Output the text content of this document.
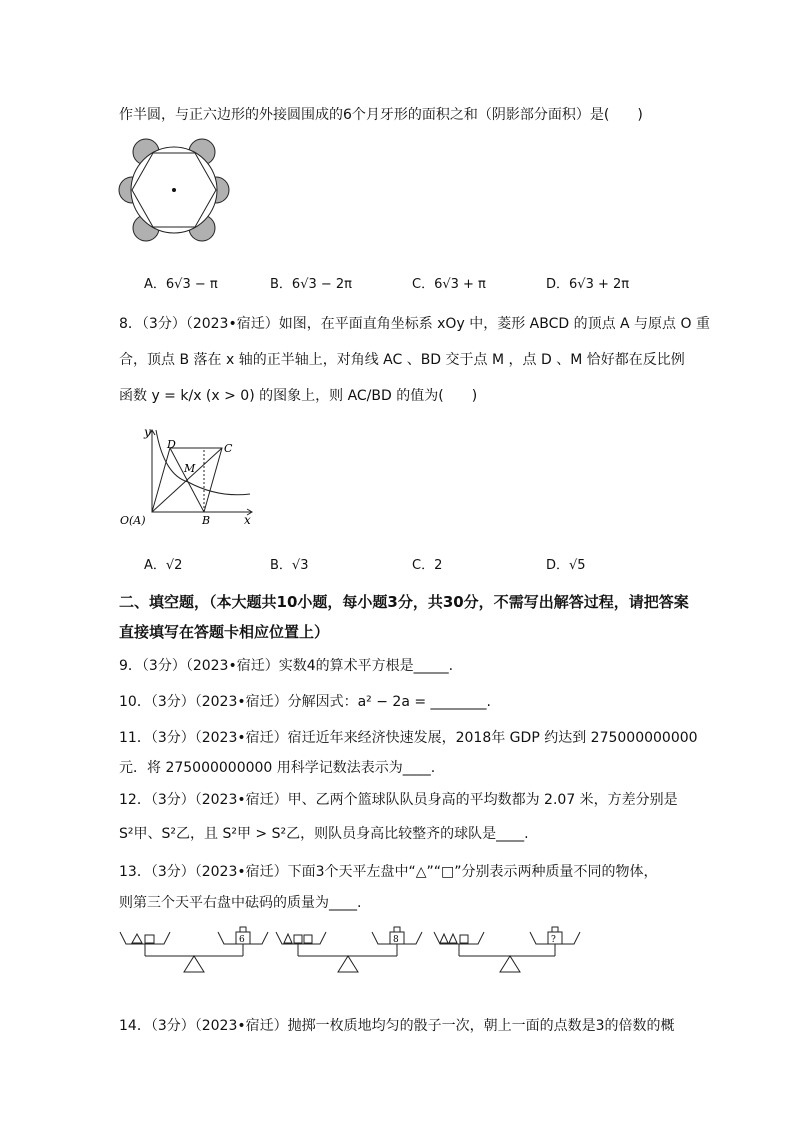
作半圆，与正六边形的外接圆围成的6个月牙形的面积之和（阴影部分面积）是(　　)
A．6√3 − π	B．6√3 − 2π	C．6√3 + π	D．6√3 + 2π
8．（3分）（2023•宿迁）如图，在平面直角坐标系 xOy 中，菱形 ABCD 的顶点 A 与原点 O 重
合，顶点 B 落在 x 轴的正半轴上，对角线 AC 、BD 交于点 M ，点 D 、M 恰好都在反比例
函数 y = k/x (x > 0) 的图象上，则 AC/BD 的值为(　　)
y
x
O(A)	B
C
D
M
A．√2	B．√3	C．2	D．√5
二、填空题，（本大题共10小题，每小题3分，共30分，不需写出解答过程，请把答案
直接填写在答题卡相应位置上）
9．（3分）（2023•宿迁）实数4的算术平方根是_____.
10．（3分）（2023•宿迁）分解因式：a² − 2a = ________.
11．（3分）（2023•宿迁）宿迁近年来经济快速发展，2018年 GDP 约达到 275000000000
元．将 275000000000 用科学记数法表示为____.
12．（3分）（2023•宿迁）甲、乙两个篮球队队员身高的平均数都为 2.07 米，方差分别是
S²甲、S²乙，且 S²甲 > S²乙，则队员身高比较整齐的球队是____.
13．（3分）（2023•宿迁）下面3个天平左盘中“△”“□”分别表示两种质量不同的物体，
则第三个天平右盘中砝码的质量为____.
6	8	?
14．（3分）（2023•宿迁）抛掷一枚质地均匀的骰子一次，朝上一面的点数是3的倍数的概
